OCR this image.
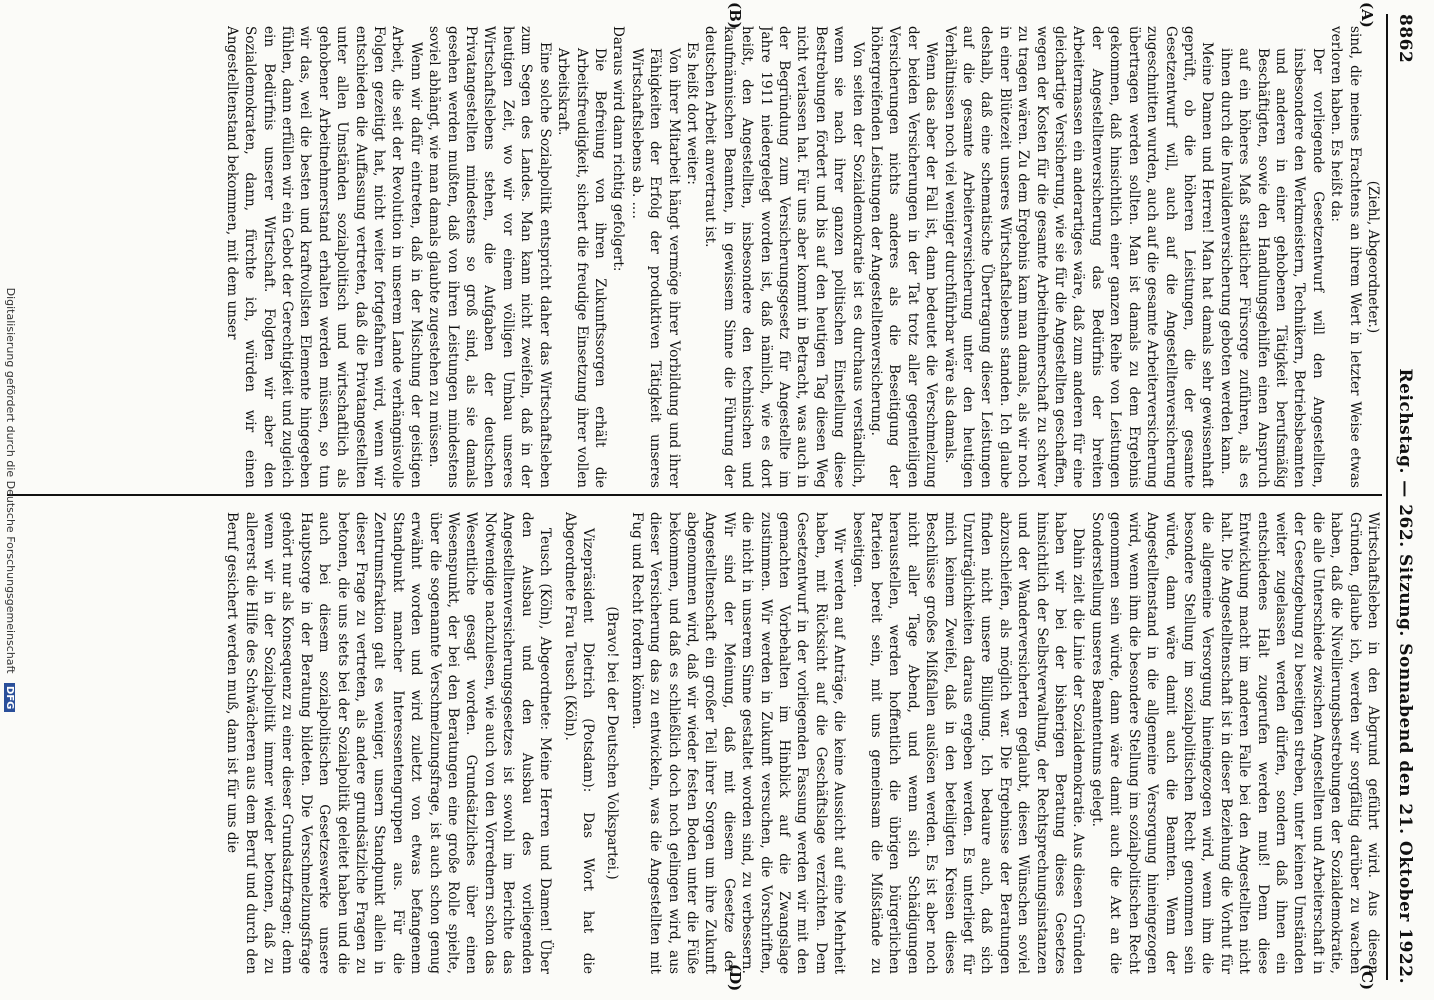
8862
Reichstag. — 262. Sitzung. Sonnabend den 21. Oktober 1922.
(A)
(B)
(C)
(D)

(Ziehl, Abgeordneter.)

sind, die meines Erachtens an ihrem Wert in letzter Weise etwas verloren haben. Es heißt da:

Der vorliegende Gesetzentwurf will den Angestellten, insbesondere den Werkmeistern, Technikern, Betriebsbeamten und anderen in einer gehobenen Tätigkeit berufsmäßig Beschäftigten, sowie den Handlungsgehilfen einen Anspruch auf ein höheres Maß staatlicher Fürsorge zuführen, als es ihnen durch die Invalidenversicherung geboten werden kann.

Meine Damen und Herren! Man hat damals sehr gewissenhaft geprüft, ob die höheren Leistungen, die der gesamte Gesetzentwurf will, auch auf die Angestelltenversicherung zugeschnitten wurden, auch auf die gesamte Arbeiterversicherung übertragen werden sollten. Man ist damals zu dem Ergebnis gekommen, daß hinsichtlich einer ganzen Reihe von Leistungen der Angestelltenversicherung das Bedürfnis der breiten Arbeitermassen ein anderartiges wäre, daß zum anderen für eine gleichartige Versicherung, wie sie für die Angestellten geschaffen, wegen der Kosten für die gesamte Arbeitnehmerschaft zu schwer zu tragen wären. Zu dem Ergebnis kam man damals, als wir noch in einer Blütezeit unseres Wirtschaftslebens standen. Ich glaube deshalb, daß eine schematische Übertragung dieser Leistungen auf die gesamte Arbeiterversicherung unter den heutigen Verhältnissen noch viel weniger durchführbar wäre als damals.

Wenn das aber der Fall ist, dann bedeutet die Verschmelzung der beiden Versicherungen in der Tat trotz aller gegenteiligen Versicherungen nichts anderes als die Beseitigung der höhergreifenden Leistungen der Angestelltenversicherung.

Von seiten der Sozialdemokratie ist es durchaus verständlich, wenn sie nach ihrer ganzen politischen Einstellung diese Bestrebungen fördert und bis auf den heutigen Tag diesen Weg nicht verlassen hat. Für uns aber kommt in Betracht, was auch in der Begründung zum Versicherungsgesetz für Angestellte im Jahre 1911 niedergelegt worden ist, daß nämlich, wie es dort heißt, den Angestellten, insbesondere den technischen und kaufmännischen Beamten, in gewissem Sinne die Führung der deutschen Arbeit anvertraut ist.

Es heißt dort weiter:

Von ihrer Mitarbeit hängt vermöge ihrer Vorbildung und ihrer Fähigkeiten der Erfolg der produktiven Tätigkeit unseres Wirtschaftslebens ab. ....

Daraus wird dann richtig gefolgert:

Die Befreiung von ihren Zukunftssorgen erhält die Arbeitsfreudigkeit, sichert die freudige Einsetzung ihrer vollen Arbeitskraft.

Eine solche Sozialpolitik entspricht daher das Wirtschaftsleben zum Segen des Landes. Man kann nicht zweifeln, daß in der heutigen Zeit, wo wir vor einem völligen Umbau unseres Wirtschaftslebens stehen, die Aufgaben der deutschen Privatangestellten mindestens so groß sind, als sie damals gesehen werden mußten, daß von ihren Leistungen mindestens soviel abhängt, wie man damals glaubte zugestehen zu müssen.

Wenn wir dafür eintreten, daß in der Mischung der geistigen Arbeit, die seit der Revolution in unserem Lande verhängnisvolle Folgen gezeitigt hat, nicht weiter fortgefahren wird, wenn wir entschieden die Auffassung vertreten, daß die Privatangestellten unter allen Umständen sozialpolitisch und wirtschaftlich als gehobener Arbeitnehmerstand erhalten werden müssen, so tun wir das, weil die besten und kraftvollsten Elemente hingegeben fühlen, dann erfüllen wir ein Gebot der Gerechtigkeit und zugleich ein Bedürfnis unserer Wirtschaft. Folgten wir aber den Sozialdemokraten, dann, fürchte ich, würden wir einen Angestelltenstand bekommen, mit dem unser

Wirtschaftsleben in den Abgrund geführt wird. Aus diesen Gründen, glaube ich, werden wir sorgfältig darüber zu wachen haben, daß die Nivellierungsbestrebungen der Sozialdemokratie, die alle Unterschiede zwischen Angestellten und Arbeiterschaft in der Gesetzgebung zu beseitigen streben, unter keinen Umständen weiter zugelassen werden dürfen, sondern daß ihnen ein entschiedenes Halt zugerufen werden muß! Denn diese Entwicklung macht im anderen Falle bei den Angestellten nicht halt. Die Angestelltenschaft ist in dieser Beziehung die Vorhut für die allgemeine Versorgung hineingezogen wird, wenn ihm die besondere Stellung im sozialpolitischen Recht genommen sein würde, dann wäre damit auch die Beamten. Wenn der Angestelltenstand in die allgemeine Versorgung hineingezogen wird, wenn ihm die besondere Stellung im sozialpolitischen Recht genommen sein würde, dann wäre damit auch die Axt an die Sonderstellung unseres Beamtentums gelegt.

Dahin zielt die Linie der Sozialdemokratie. Aus diesen Gründen haben wir bei der bisherigen Beratung dieses Gesetzes hinsichtlich der Selbstverwaltung, der Rechtsprechungsinstanzen und der Wanderversicherten geglaubt, diesen Wünschen soviel abzuschleifen, als möglich war. Die Ergebnisse der Beratungen finden nicht unsere Billigung. Ich bedaure auch, daß sich Unzuträglichkeiten daraus ergeben werden. Es unterliegt für mich keinem Zweifel, daß in den beteiligten Kreisen dieses Beschlüsse großes Mißfallen auslösen werden. Es ist aber noch nicht aller Tage Abend, und wenn sich Schädigungen herausstellen, werden hoffentlich die übrigen bürgerlichen Parteien bereit sein, mit uns gemeinsam die Mißstände zu beseitigen.

Wir werden auf Anträge, die keine Aussicht auf eine Mehrheit haben, mit Rücksicht auf die Geschäftslage verzichten. Dem Gesetzentwurf in der vorliegenden Fassung werden wir mit den gemachten Vorbehalten im Hinblick auf die Zwangslage zustimmen. Wir werden in Zukunft versuchen, die Vorschriften, die nicht in unserem Sinne gestaltet worden sind, zu verbessern. Wir sind der Meinung, daß mit diesem Gesetze der Angestelltenschaft ein großer Teil ihrer Sorgen um ihre Zukunft abgenommen wird, daß wir wieder festen Boden unter die Füße bekommen, und daß es schließlich doch noch gelingen wird, aus dieser Versicherung das zu entwickeln, was die Angestellten mit Fug und Recht fordern können.

(Bravo! bei der Deutschen Volkspartei.)

Vizepräsident Dietrich (Potsdam): Das Wort hat die Abgeordnete Frau Teusch (Köln).

Teusch (Köln), Abgeordnete: Meine Herren und Damen! Über den Ausbau und den Ausbau des vorliegenden Angestelltenversicherungsgesetzes ist sowohl im Berichte das Notwendige nachzulesen, wie auch von den Vorrednern schon das Wesentliche gesagt worden. Grundsätzliches über einen Wesenspunkt, der bei den Beratungen eine große Rolle spielte, über die sogenannte Verschmelzungsfrage, ist auch schon genug erwähnt worden und wird zuletzt von etwas befangenem Standpunkt mancher Interessentengruppen aus. Für die Zentrumsfraktion galt es weniger, unsern Standpunkt allein in dieser Frage zu vertreten, als andere grundsätzliche Fragen zu betonen, die uns stets bei der Sozialpolitik geleitet haben und die auch bei diesem sozialpolitischen Gesetzeswerke unsere Hauptsorge in der Beratung bildeten. Die Verschmelzungsfrage gehört nur als Konsequenz zu einer dieser Grundsatzfragen; denn wenn wir in der Sozialpolitik immer wieder betonen, daß zu allererst die Hilfe des Schwächeren aus dem Beruf und durch den Beruf gesichert werden muß, dann ist für uns die

Digitalisierung gefördert durch die Deutsche Forschungsgemeinschaft DFG
